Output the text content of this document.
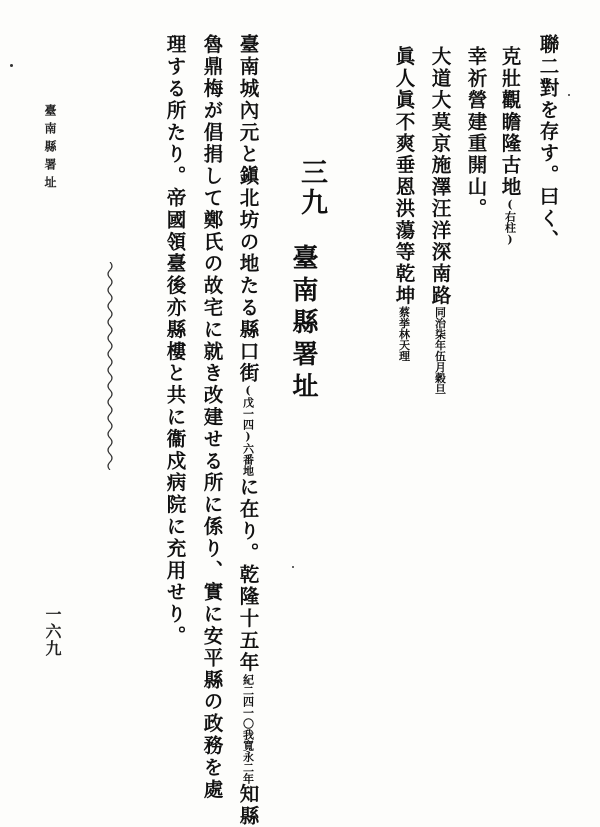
聯二對を存す。曰く、
克壯觀瞻隆古地(右柱)
幸祈營建重開山。
大道大莫京施澤汪洋深南路同治柒年伍月穀旦
眞人眞不爽垂恩洪蕩等乾坤蔡挙林天理
三九
臺南縣署址
臺南城內元と鎭北坊の地たる縣口街(戊一四)六番地に在り。乾隆十五年紀二四一〇我寬永二年知縣
魯鼎梅が倡捐して鄭氏の故宅に就き改建せる所に係り、實に安平縣の政務を處
理する所たり。帝國領臺後亦縣樓と共に衞戍病院に充用せり。
臺南縣署址
一六九
